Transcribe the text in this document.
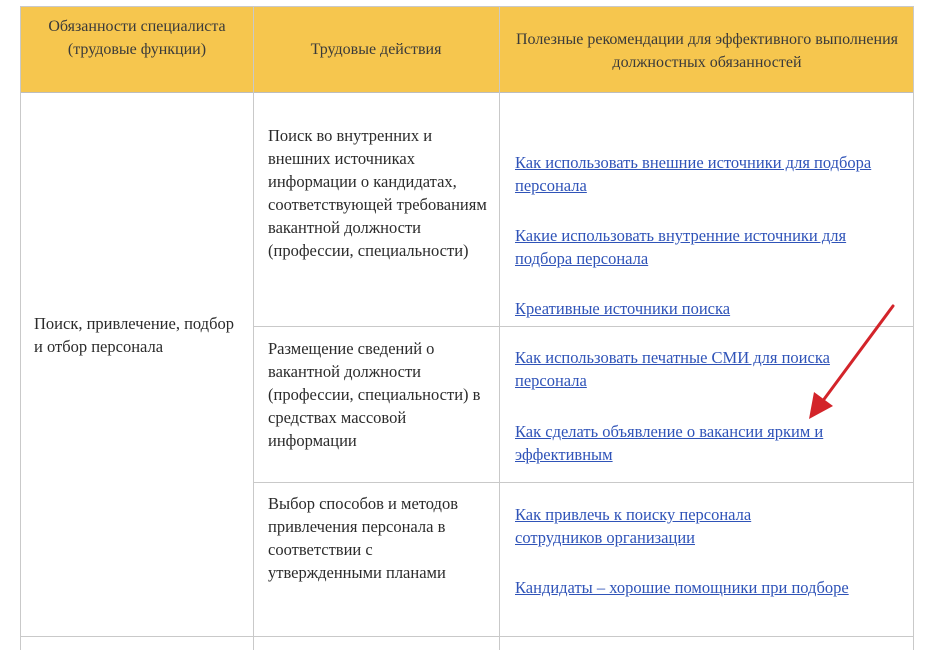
Обязанности специалиста (трудовые функции)	Трудовые действия
Полезные рекомендации для эффективного выполнения должностных обязанностей
Поиск, привлечение, подбор и отбор персонала
Поиск во внутренних и внешних источниках информации о кандидатах, соответствующей требованиям вакантной должности (профессии, специальности)
Размещение сведений о вакантной должности (профессии, специальности) в средствах массовой информации
Выбор способов и методов привлечения персонала в соответствии с утвержденными планами
Как использовать внешние источники для подбора персонала
Какие использовать внутренние источники для подбора персонала
Креативные источники поиска
Как использовать печатные СМИ для поиска персонала
Как сделать объявление о вакансии ярким и эффективным
Как привлечь к поиску персонала сотрудников организации
Кандидаты – хорошие помощники при подборе
